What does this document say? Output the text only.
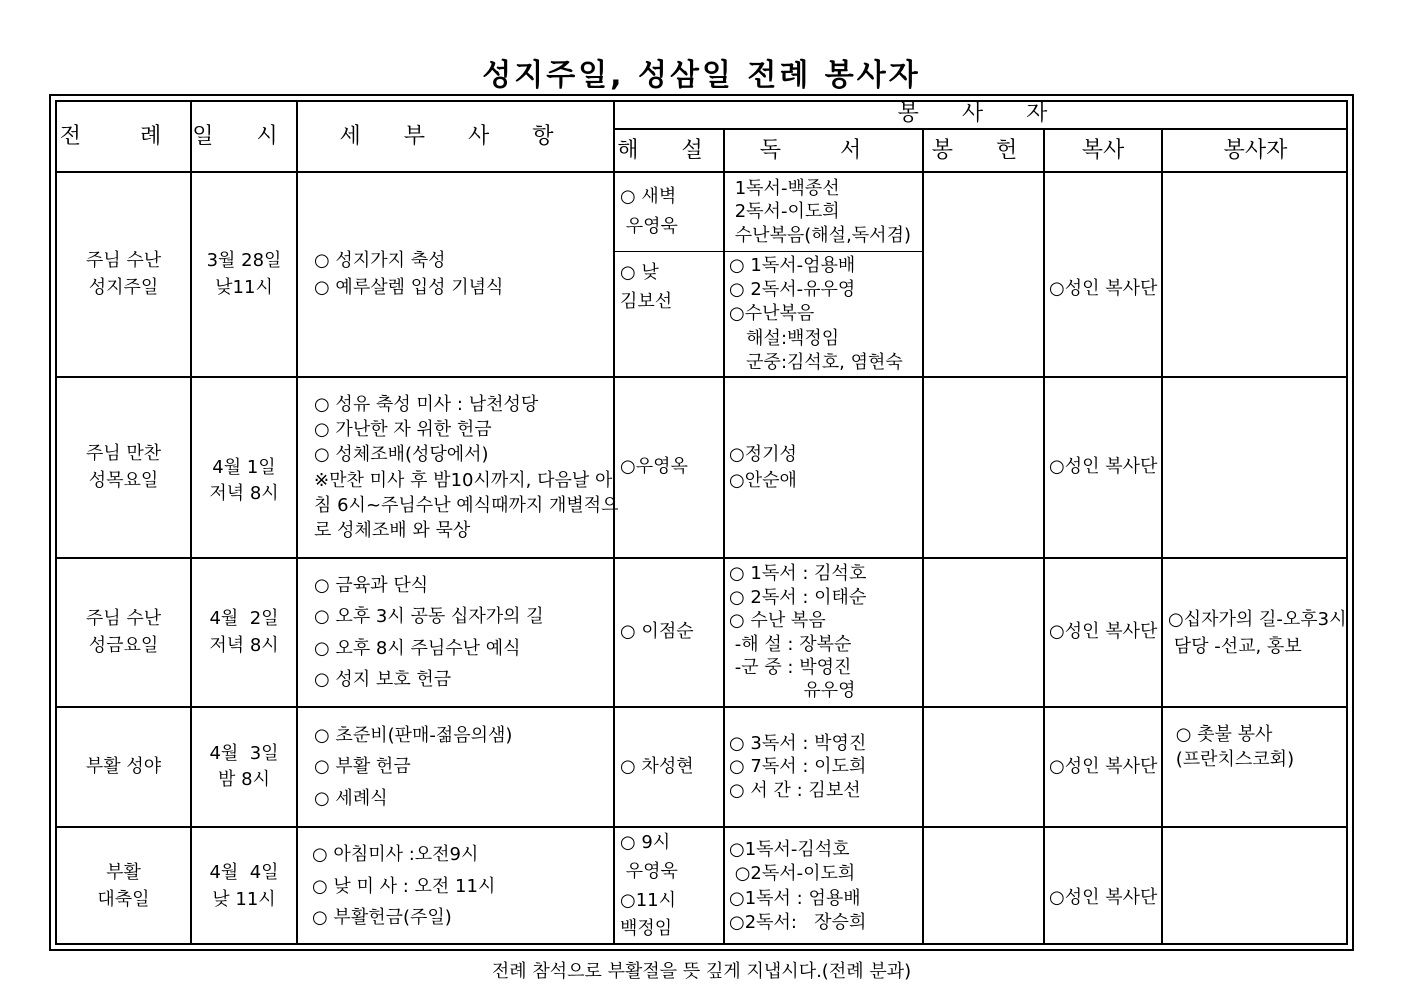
성지주일, 성삼일 전례 봉사자
전 례 일 시 세 부 사 항
봉 사 자
해 설 독 서 봉 헌 복사	봉사자
주님 수난
성지주일
3월 28일
낮11시
○ 성지가지 축성
○ 예루살렘 입성 기념식
○ 새벽
우영욱
1독서-백종선
2독서-이도희
수난복음(해설,독서겸)
○ 낮
김보선
○ 1독서-엄용배
○ 2독서-유우영
○수난복음
해설:백정임
군중:김석호, 염현숙
○성인 복사단
주님 만찬
성목요일
4월 1일
저녁 8시
○ 성유 축성 미사 : 남천성당
○ 가난한 자 위한 헌금
○ 성체조배(성당에서)
※만찬 미사 후 밤10시까지, 다음날 아
침 6시~주님수난 예식때까지 개별적으
로 성체조배 와 묵상
○우영옥
○정기성
○안순애
○성인 복사단
주님 수난
성금요일
4월  2일
저녁 8시
○ 금육과 단식
○ 오후 3시 공동 십자가의 길
○ 오후 8시 주님수난 예식
○ 성지 보호 헌금
○ 이점순
○ 1독서 : 김석호
○ 2독서 : 이태순
○ 수난 복음
-해 설 : 장복순
-군 중 : 박영진
유우영
○성인 복사단
○십자가의 길-오후3시
담당 -선교, 홍보
부활 성야
4월  3일
밤 8시
○ 초준비(판매-젊음의샘)
○ 부활 헌금
○ 세례식
○ 차성현
○ 3독서 : 박영진
○ 7독서 : 이도희
○ 서 간 : 김보선
○성인 복사단
○ 촛불 봉사
(프란치스코회)
부활
대축일
4월  4일
낮 11시
○ 아침미사 :오전9시
○ 낮 미 사 : 오전 11시
○ 부활헌금(주일)
○ 9시
우영욱
○11시
백정임
○1독서-김석호
○2독서-이도희
○1독서 : 엄용배
○2독서:   장승희
○성인 복사단
전례 참석으로 부활절을 뜻 깊게 지냅시다.(전례 분과)
